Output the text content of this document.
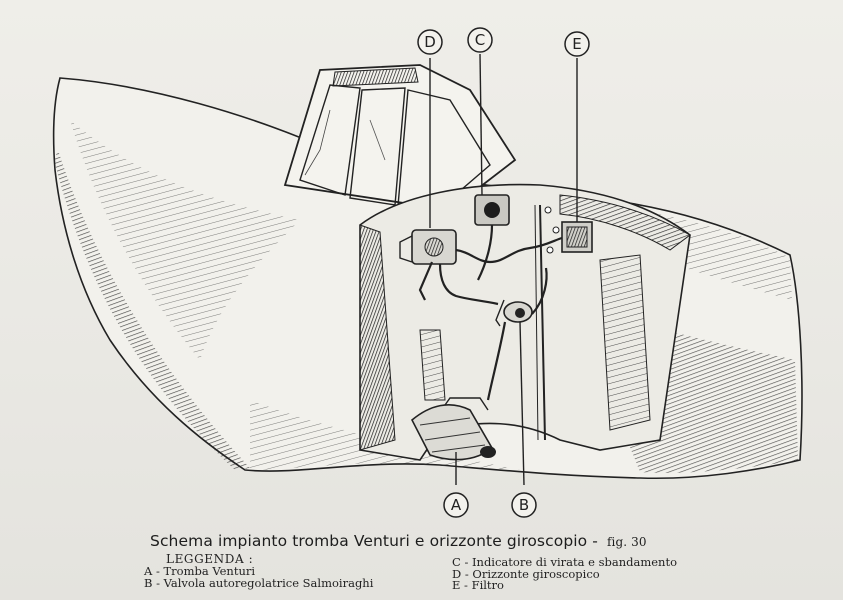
D	C	E
A	B
Schema impianto tromba Venturi e orizzonte giroscopio - fig. 30
LEGGENDA :
A - Tromba Venturi
B - Valvola autoregolatrice Salmoiraghi
C - Indicatore di virata e sbandamento
D - Orizzonte giroscopico
E - Filtro
